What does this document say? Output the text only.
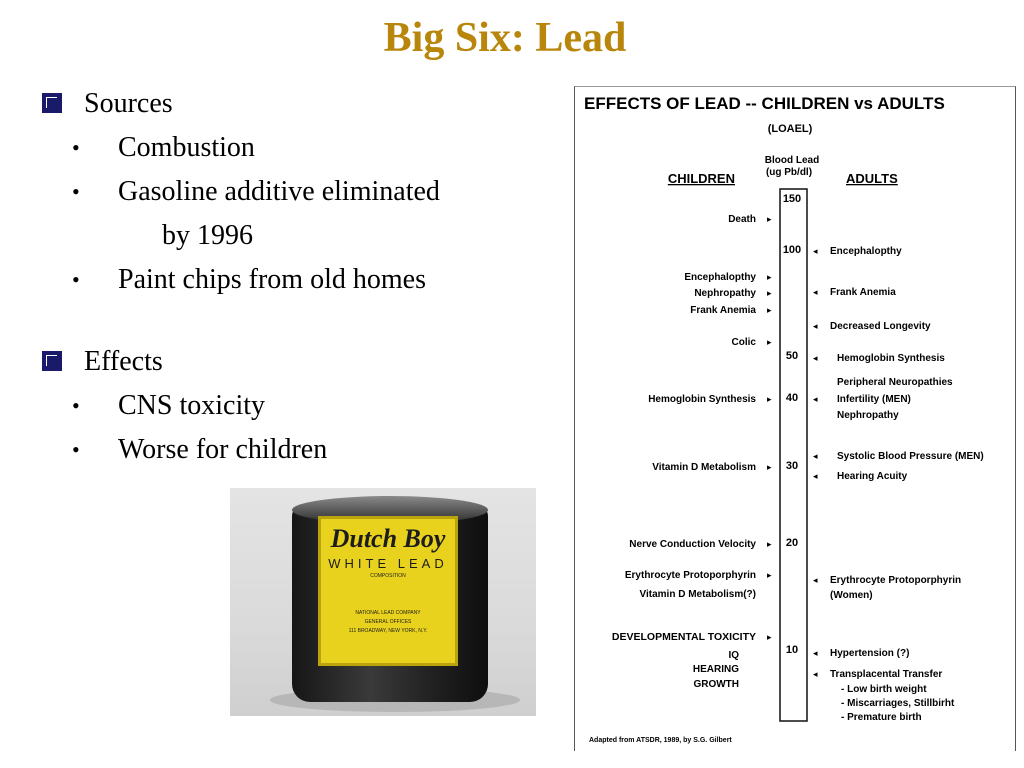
Big Six: Lead
Sources
• Combustion
• Gasoline additive eliminated
by 1996
• Paint chips from old homes
Effects
• CNS toxicity
• Worse for children
Dutch Boy
WHITE LEAD
COMPOSITION
NATIONAL LEAD COMPANY
GENERAL OFFICES
111 BROADWAY, NEW YORK, N.Y.
EFFECTS OF LEAD -- CHILDREN vs ADULTS
(LOAEL)
Blood Lead
(ug Pb/dl)
CHILDREN	ADULTS
150
100
50
40
30
20
10
Death ▸
Encephalopthy ▸
Nephropathy ▸
Frank Anemia ▸
Colic ▸
Hemoglobin Synthesis ▸
Vitamin D Metabolism ▸
Nerve Conduction Velocity ▸
Erythrocyte Protoporphyrin ▸
Vitamin D Metabolism(?)
DEVELOPMENTAL TOXICITY ▸
IQ
HEARING
GROWTH
Encephalopthy
◂
Frank Anemia
◂
Decreased Longevity
◂
Hemoglobin Synthesis
◂
Peripheral Neuropathies
Infertility (MEN)
◂
Nephropathy
Systolic Blood Pressure (MEN)
◂
Hearing Acuity
◂
Erythrocyte Protoporphyrin
◂
(Women)
Hypertension (?)
◂
Transplacental Transfer
◂
- Low birth weight
- Miscarriages, Stillbirht
- Premature birth
Adapted from ATSDR, 1989, by S.G. Gilbert
